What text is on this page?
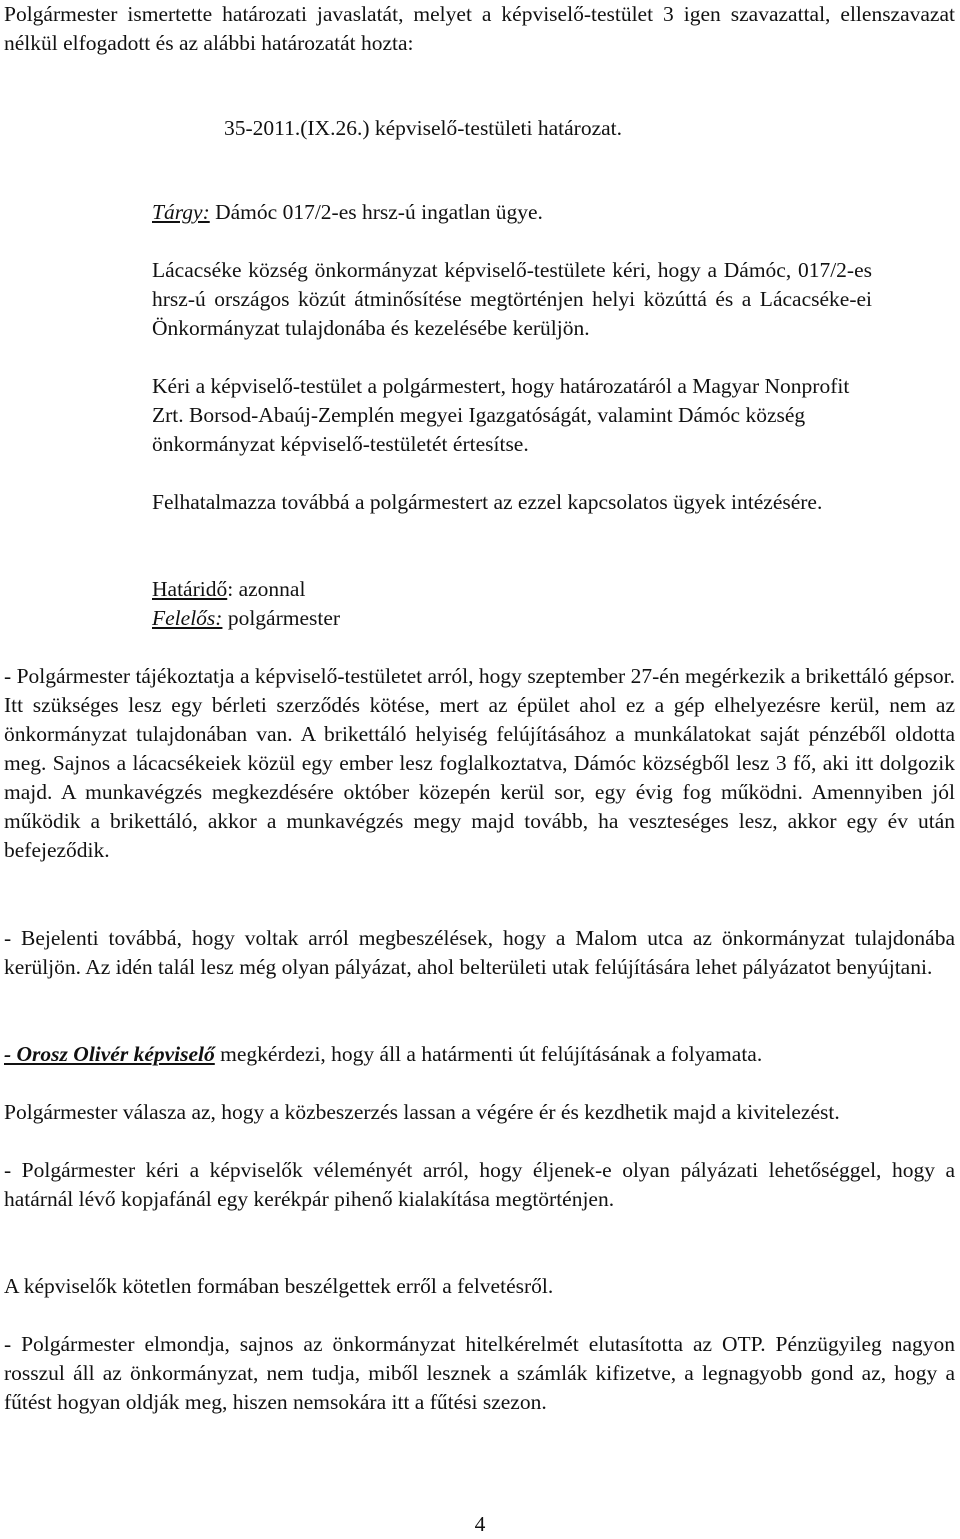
Polgármester ismertette határozati javaslatát, melyet a képviselő-testület 3 igen szavazattal, ellenszavazat nélkül elfogadott és az alábbi határozatát hozta:

35-2011.(IX.26.) képviselő-testületi határozat.

Tárgy: Dámóc 017/2-es hrsz-ú ingatlan ügye.

Lácacséke község önkormányzat képviselő-testülete kéri, hogy a Dámóc, 017/2-es hrsz-ú országos közút átminősítése megtörténjen helyi közúttá és a Lácacséke-ei Önkormányzat tulajdonába és kezelésébe kerüljön.

Kéri a képviselő-testület a polgármestert, hogy határozatáról a Magyar Nonprofit Zrt. Borsod-Abaúj-Zemplén megyei Igazgatóságát, valamint Dámóc község önkormányzat képviselő-testületét értesítse.

Felhatalmazza továbbá a polgármestert az ezzel kapcsolatos ügyek intézésére.

Határidő: azonnal

Felelős: polgármester

- Polgármester tájékoztatja a képviselő-testületet arról, hogy szeptember 27-én megérkezik a brikettáló gépsor. Itt szükséges lesz egy bérleti szerződés kötése, mert az épület ahol ez a gép elhelyezésre kerül, nem az önkormányzat tulajdonában van. A brikettáló helyiség felújításához a munkálatokat saját pénzéből oldotta meg. Sajnos a lácacsékeiek közül egy ember lesz foglalkoztatva, Dámóc községből lesz 3 fő, aki itt dolgozik majd. A munkavégzés megkezdésére október közepén kerül sor, egy évig fog működni. Amennyiben jól működik a brikettáló, akkor a munkavégzés megy majd tovább, ha veszteséges lesz, akkor egy év után befejeződik.

- Bejelenti továbbá, hogy voltak arról megbeszélések, hogy a Malom utca az önkormányzat tulajdonába kerüljön. Az idén talál lesz még olyan pályázat, ahol belterületi utak felújítására lehet pályázatot benyújtani.

- Orosz Olivér képviselő megkérdezi, hogy áll a határmenti út felújításának a folyamata.

Polgármester válasza az, hogy a közbeszerzés lassan a végére ér és kezdhetik majd a kivitelezést.

- Polgármester kéri a képviselők véleményét arról, hogy éljenek-e olyan pályázati lehetőséggel, hogy a határnál lévő kopjafánál egy kerékpár pihenő kialakítása megtörténjen.

A képviselők kötetlen formában beszélgettek erről a felvetésről.

- Polgármester elmondja, sajnos az önkormányzat hitelkérelmét elutasította az OTP. Pénzügyileg nagyon rosszul áll az önkormányzat, nem tudja, miből lesznek a számlák kifizetve, a legnagyobb gond az, hogy a fűtést hogyan oldják meg, hiszen nemsokára itt a fűtési szezon.

4
